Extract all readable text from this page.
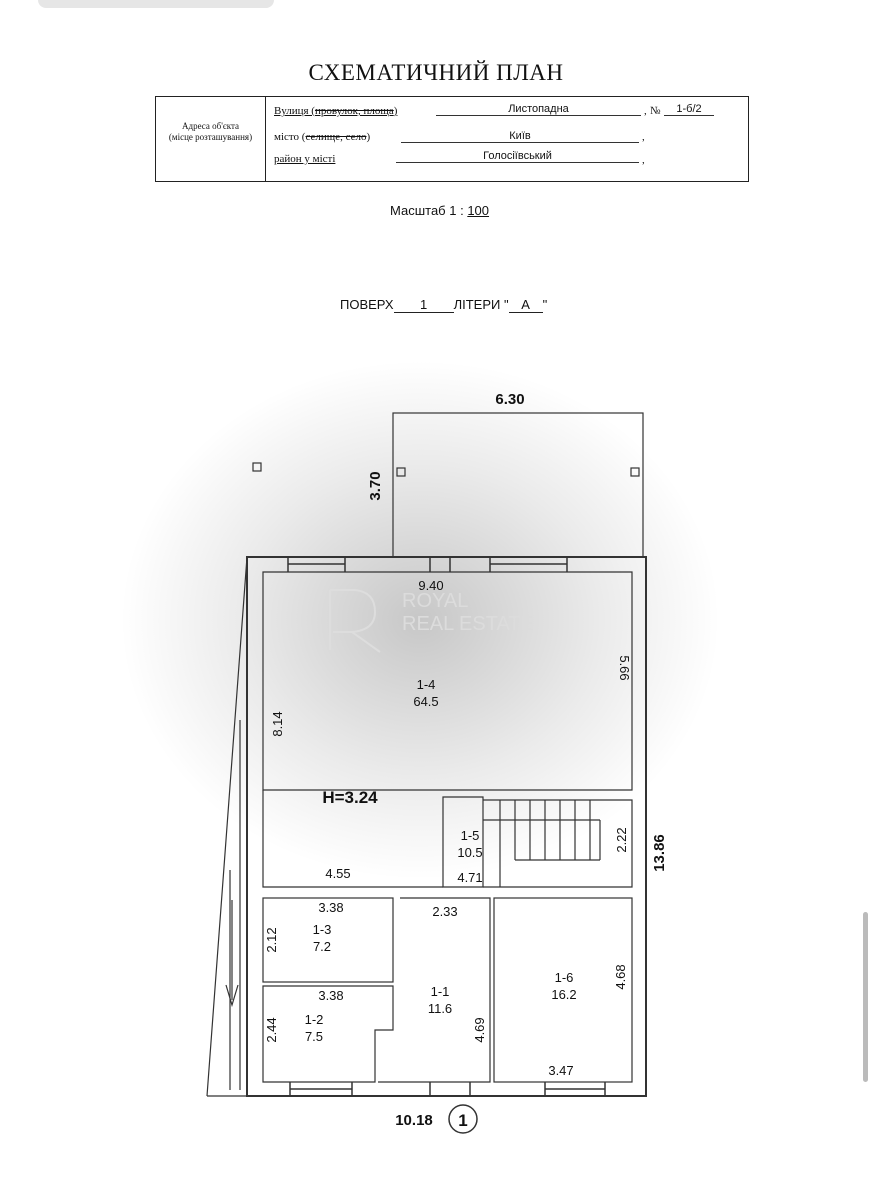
СХЕМАТИЧНИЙ ПЛАН
Адреса об'єкта
(місце розташування)
Вулиця (провулок, площа)	Листопадна	, №	1-б/2
місто (селище, село)	Київ	,
район у місті	Голосіївський	,
Масштаб 1 : 100
ПОВЕРХ 1 ЛІТЕРИ " А "
6.30
3.70
9.40
5.66
8.14
H=3.24
4.55
2.22 13.86
4.71
2.33
3.38
2.12
3.38
2.44	4.69
4.68
3.47
10.18 1
1-4
64.5
1-5
10.5
1-3
7.2
1-2
7.5
1-1
11.6
1-6
16.2
ROYAL
REAL ESTATE
